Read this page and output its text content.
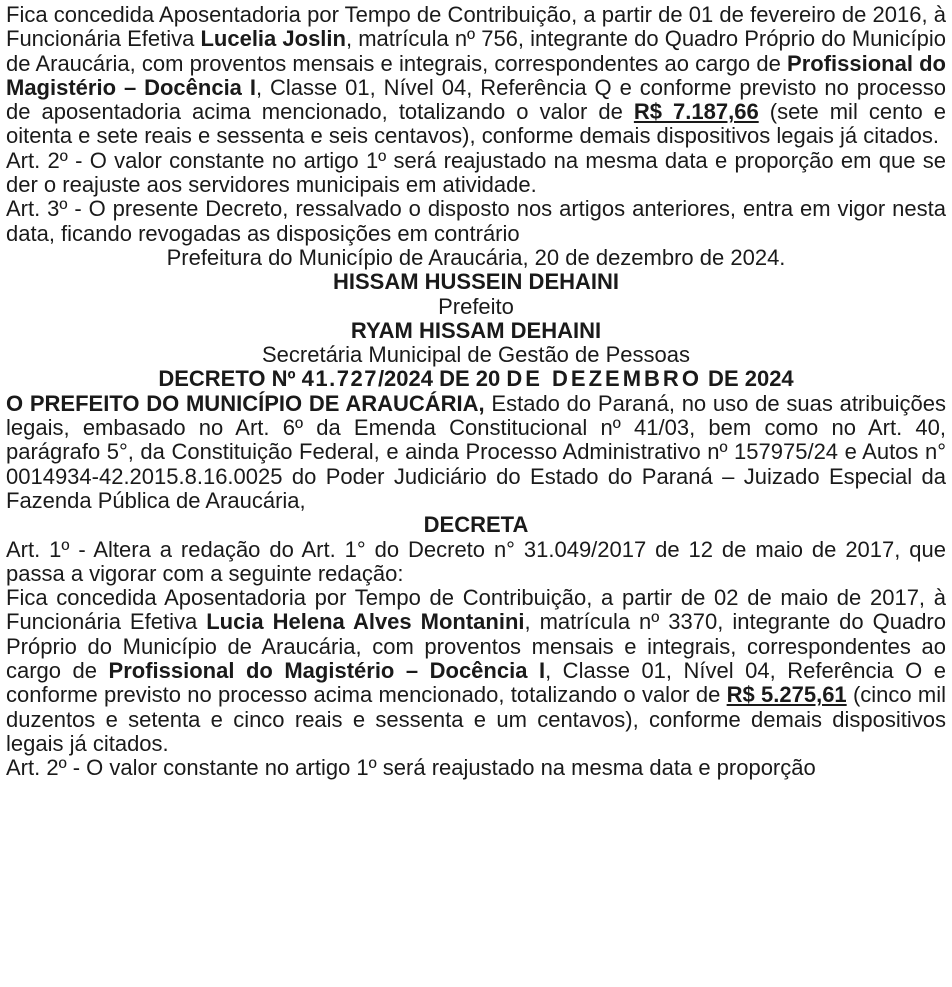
Fica concedida Aposentadoria por Tempo de Contribuição, a partir de 01 de fevereiro de 2016, à Funcionária Efetiva Lucelia Joslin, matrícula nº 756, integrante do Quadro Próprio do Município de Araucária, com proventos mensais e integrais, correspondentes ao cargo de Profissional do Magistério – Docência I, Classe 01, Nível 04, Referência Q e conforme previsto no processo de aposentadoria acima mencionado, totalizando o valor de R$ 7.187,66 (sete mil cento e oitenta e sete reais e sessenta e seis centavos), conforme demais dispositivos legais já citados.

Art. 2º - O valor constante no artigo 1º será reajustado na mesma data e proporção em que se der o reajuste aos servidores municipais em atividade.

Art. 3º - O presente Decreto, ressalvado o disposto nos artigos anteriores, entra em vigor nesta data, ficando revogadas as disposições em contrário

Prefeitura do Município de Araucária, 20 de dezembro de 2024.

HISSAM HUSSEIN DEHAINI

Prefeito

RYAM HISSAM DEHAINI

Secretária Municipal de Gestão de Pessoas

DECRETO Nº 41.727/2024 DE 20 DE DEZEMBRO DE 2024

O PREFEITO DO MUNICÍPIO DE ARAUCÁRIA, Estado do Paraná, no uso de suas atribuições legais, embasado no Art. 6º da Emenda Constitucional nº 41/03, bem como no Art. 40, parágrafo 5°, da Constituição Federal, e ainda Processo Administrativo nº 157975/24 e Autos n° 0014934-42.2015.8.16.0025 do Poder Judiciário do Estado do Paraná – Juizado Especial da Fazenda Pública de Araucária,

DECRETA

Art. 1º - Altera a redação do Art. 1° do Decreto n° 31.049/2017 de 12 de maio de 2017, que passa a vigorar com a seguinte redação:

Fica concedida Aposentadoria por Tempo de Contribuição, a partir de 02 de maio de 2017, à Funcionária Efetiva Lucia Helena Alves Montanini, matrícula nº 3370, integrante do Quadro Próprio do Município de Araucária, com proventos mensais e integrais, correspondentes ao cargo de Profissional do Magistério – Docência I, Classe 01, Nível 04, Referência O e conforme previsto no processo acima mencionado, totalizando o valor de R$ 5.275,61 (cinco mil duzentos e setenta e cinco reais e sessenta e um centavos), conforme demais dispositivos legais já citados.

Art. 2º - O valor constante no artigo 1º será reajustado na mesma data e proporção
